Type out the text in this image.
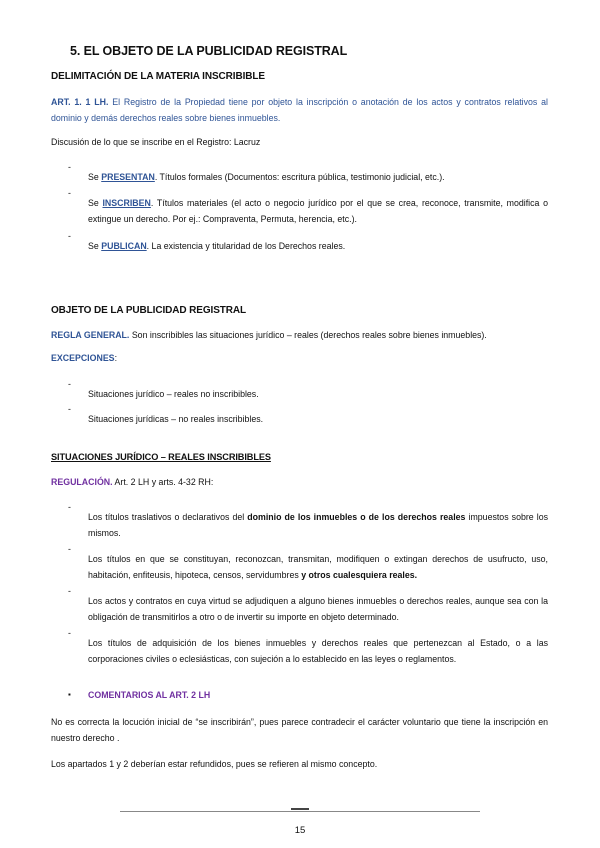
5. EL OBJETO DE LA PUBLICIDAD REGISTRAL

DELIMITACIÓN DE LA MATERIA INSCRIBIBLE

ART. 1. 1 LH. El Registro de la Propiedad tiene por objeto la inscripción o anotación de los actos y contratos relativos al dominio y demás derechos reales sobre bienes inmuebles.

Discusión de lo que se inscribe en el Registro: Lacruz

-

Se PRESENTAN. Títulos formales (Documentos: escritura pública, testimonio judicial, etc.).

-

Se INSCRIBEN. Títulos materiales (el acto o negocio jurídico por el que se crea, reconoce, transmite, modifica o extingue un derecho. Por ej.: Compraventa, Permuta, herencia, etc.).

-

Se PUBLICAN. La existencia y titularidad de los Derechos reales.

OBJETO DE LA PUBLICIDAD REGISTRAL

REGLA GENERAL. Son inscribibles las situaciones jurídico – reales (derechos reales sobre bienes inmuebles).

EXCEPCIONES:

-

Situaciones jurídico – reales no inscribibles.

-

Situaciones jurídicas – no reales inscribibles.

SITUACIONES JURÍDICO – REALES INSCRIBIBLES

REGULACIÓN. Art. 2 LH y arts. 4-32 RH:

-

Los títulos traslativos o declarativos del dominio de los inmuebles o de los derechos reales impuestos sobre los mismos.

-

Los títulos en que se constituyan, reconozcan, transmitan, modifiquen o extingan derechos de usufructo, uso, habitación, enfiteusis, hipoteca, censos, servidumbres y otros cualesquiera reales.

-

Los actos y contratos en cuya virtud se adjudiquen a alguno bienes inmuebles o derechos reales, aunque sea con la obligación de transmitirlos a otro o de invertir su importe en objeto determinado.

-

Los títulos de adquisición de los bienes inmuebles y derechos reales que pertenezcan al Estado, o a las corporaciones civiles o eclesiásticas, con sujeción a lo establecido en las leyes o reglamentos.

▪ COMENTARIOS AL ART. 2 LH

No es correcta la locución inicial de “se inscribirán”, pues parece contradecir el carácter voluntario que tiene la inscripción en nuestro derecho .

Los apartados 1 y 2 deberían estar refundidos, pues se refieren al mismo concepto.

15
